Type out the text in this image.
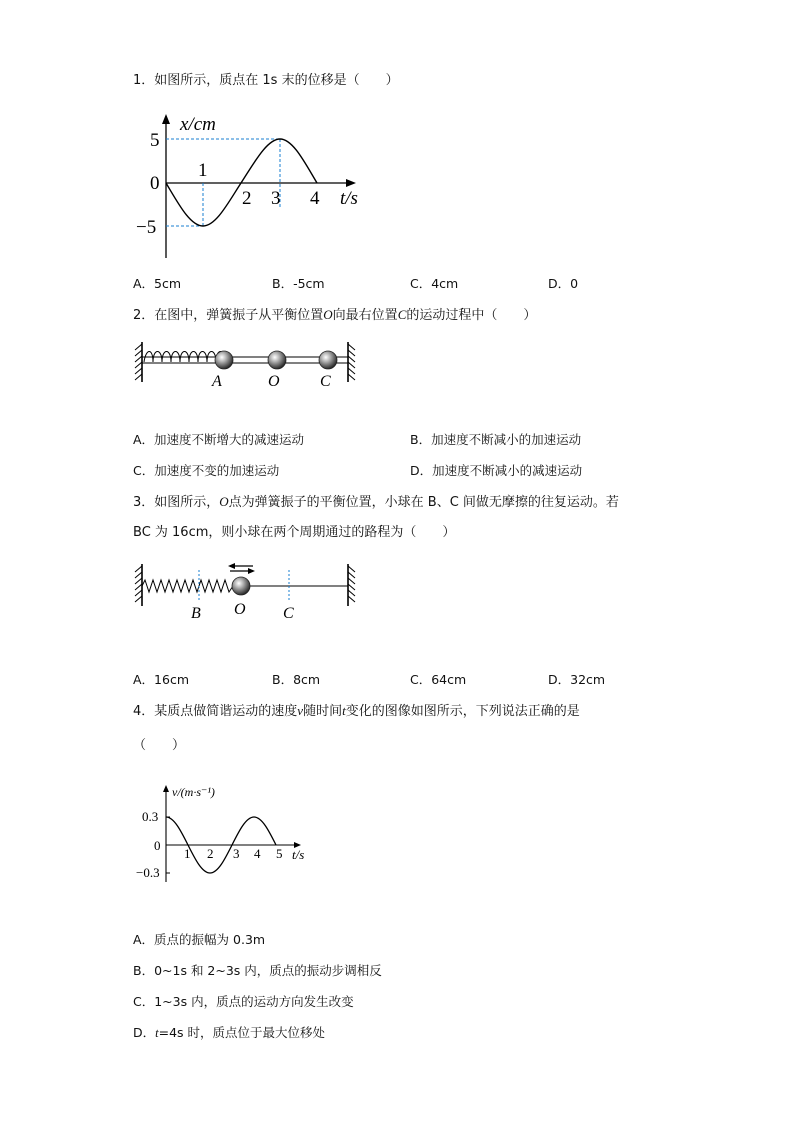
1．如图所示，质点在 1s 末的位移是（　　）
x/cm
5
0
−5
1
2 3 4 t/s
A．5cm	B．-5cm	C．4cm	D．0
2．在图中，弹簧振子从平衡位置O向最右位置C的运动过程中（　　）
A	O	C
A．加速度不断增大的减速运动	B．加速度不断减小的加速运动
C．加速度不变的加速运动	D．加速度不断减小的减速运动
3．如图所示，O点为弹簧振子的平衡位置，小球在 B、C 间做无摩擦的往复运动。若
BC 为 16cm，则小球在两个周期通过的路程为（　　）
B O C
A．16cm	B．8cm	C．64cm	D．32cm
4．某质点做简谐运动的速度v随时间t变化的图像如图所示，下列说法正确的是
（　　）
v/(m·s⁻¹)
0.3
0
−0.3
1 2 3 4 5 t/s
A．质点的振幅为 0.3m
B．0~1s 和 2~3s 内，质点的振动步调相反
C．1~3s 内，质点的运动方向发生改变
D．t=4s 时，质点位于最大位移处
